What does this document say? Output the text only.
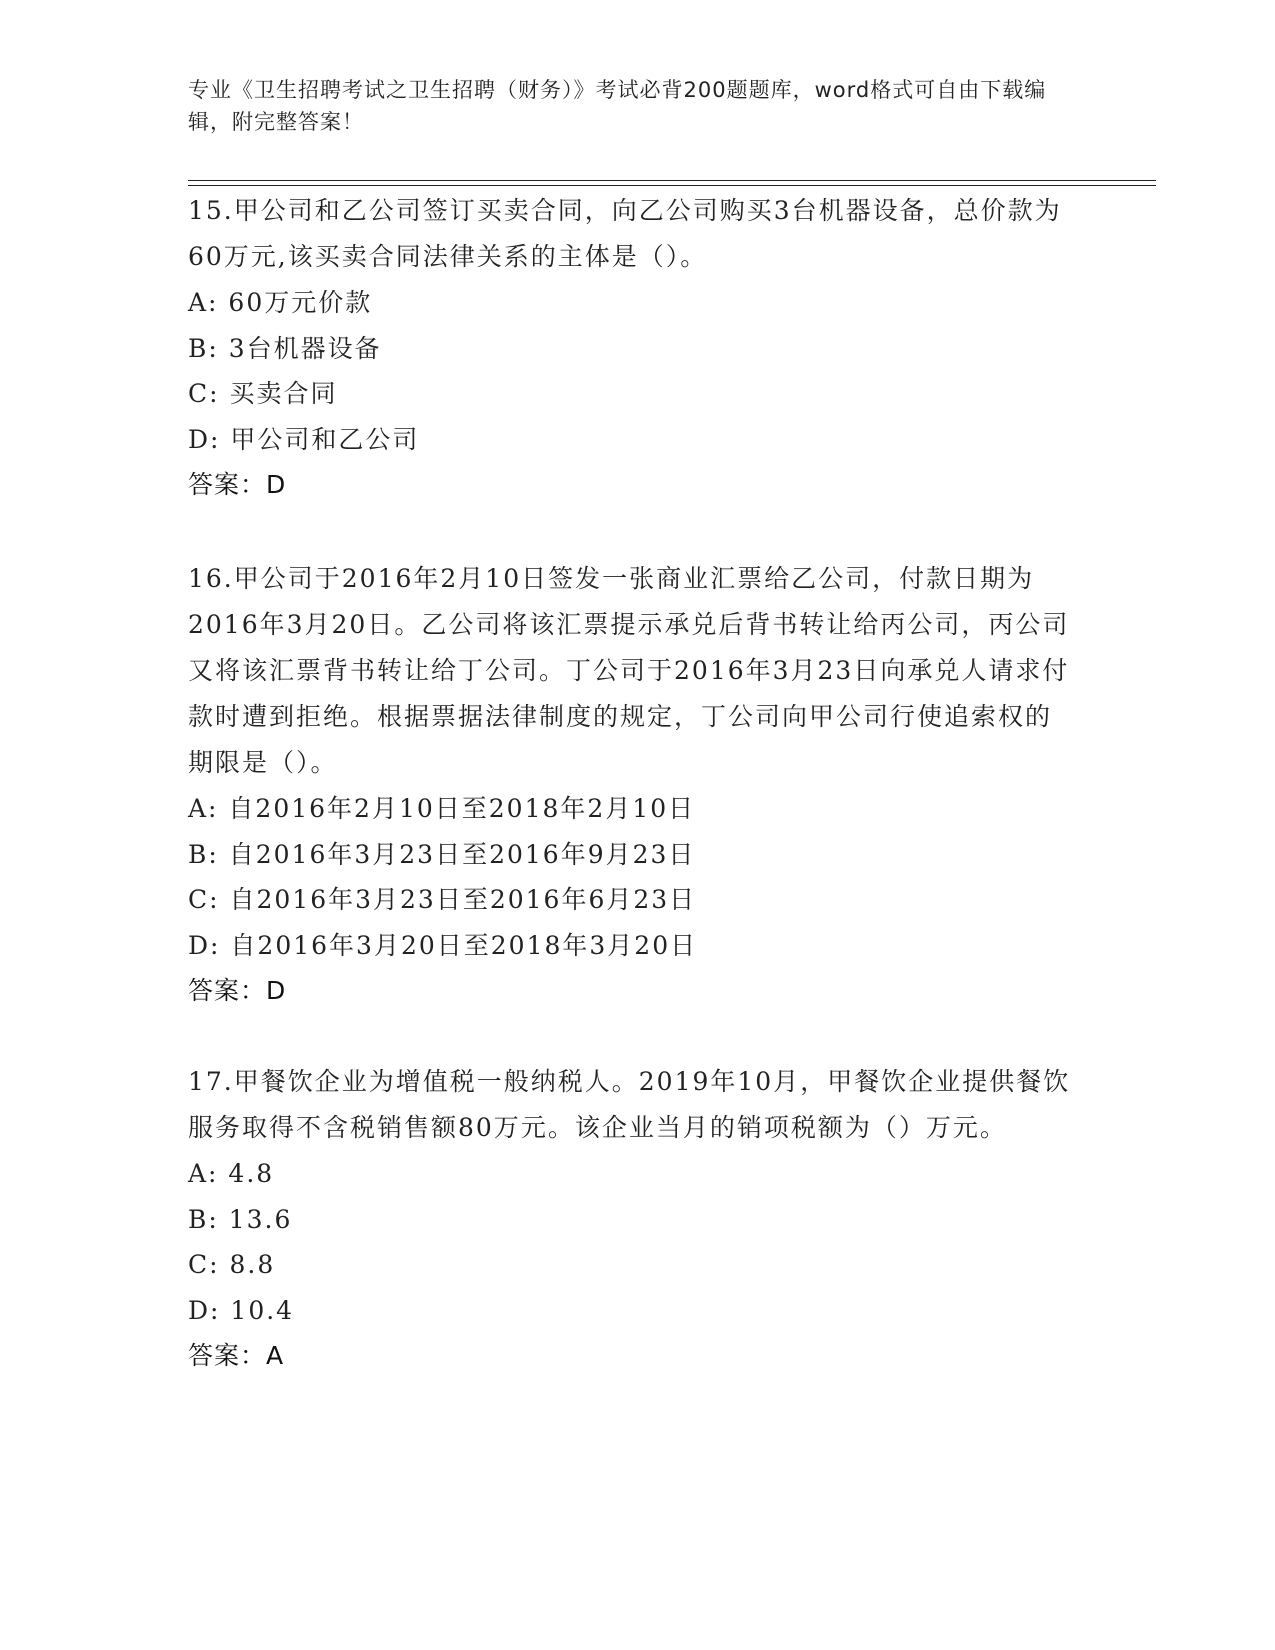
专业《卫生招聘考试之卫生招聘（财务）》考试必背200题题库，word格式可自由下载编辑，附完整答案！
15.甲公司和乙公司签订买卖合同，向乙公司购买3台机器设备，总价款为60万元,该买卖合同法律关系的主体是（）。
A: 60万元价款
B: 3台机器设备
C: 买卖合同
D: 甲公司和乙公司
答案：D
16.甲公司于2016年2月10日签发一张商业汇票给乙公司，付款日期为2016年3月20日。乙公司将该汇票提示承兑后背书转让给丙公司，丙公司又将该汇票背书转让给丁公司。丁公司于2016年3月23日向承兑人请求付款时遭到拒绝。根据票据法律制度的规定，丁公司向甲公司行使追索权的期限是（）。
A: 自2016年2月10日至2018年2月10日
B: 自2016年3月23日至2016年9月23日
C: 自2016年3月23日至2016年6月23日
D: 自2016年3月20日至2018年3月20日
答案：D
17.甲餐饮企业为增值税一般纳税人。2019年10月，甲餐饮企业提供餐饮服务取得不含税销售额80万元。该企业当月的销项税额为（）万元。
A: 4.8
B: 13.6
C: 8.8
D: 10.4
答案：A
